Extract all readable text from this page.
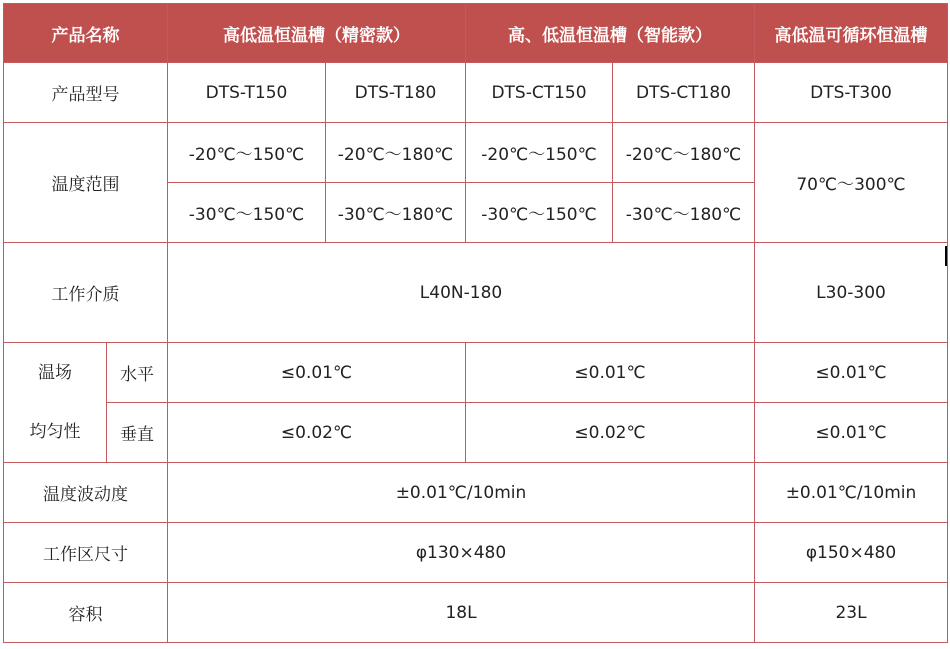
产品名称		高低温恒温槽（精密款）		高、低温恒温槽（智能款）		高低温可循环恒温槽
产品型号		DTS-T150	DTS-T180	DTS-CT150	DTS-CT180	DTS-T300
温度范围		-20℃～150℃	-20℃～180℃	-20℃～150℃	-20℃～180℃	70℃～300℃
		-30℃～150℃	-30℃～180℃	-30℃～150℃	-30℃～180℃	
工作介质		L40N-180				L30-300

温场
均匀性	水平	≤0.01℃		≤0.01℃		≤0.01℃
	垂直	≤0.02℃		≤0.02℃		≤0.01℃
温度波动度		±0.01℃/10min				±0.01℃/10min
工作区尺寸		φ130×480				φ150×480
容积		18L				23L
